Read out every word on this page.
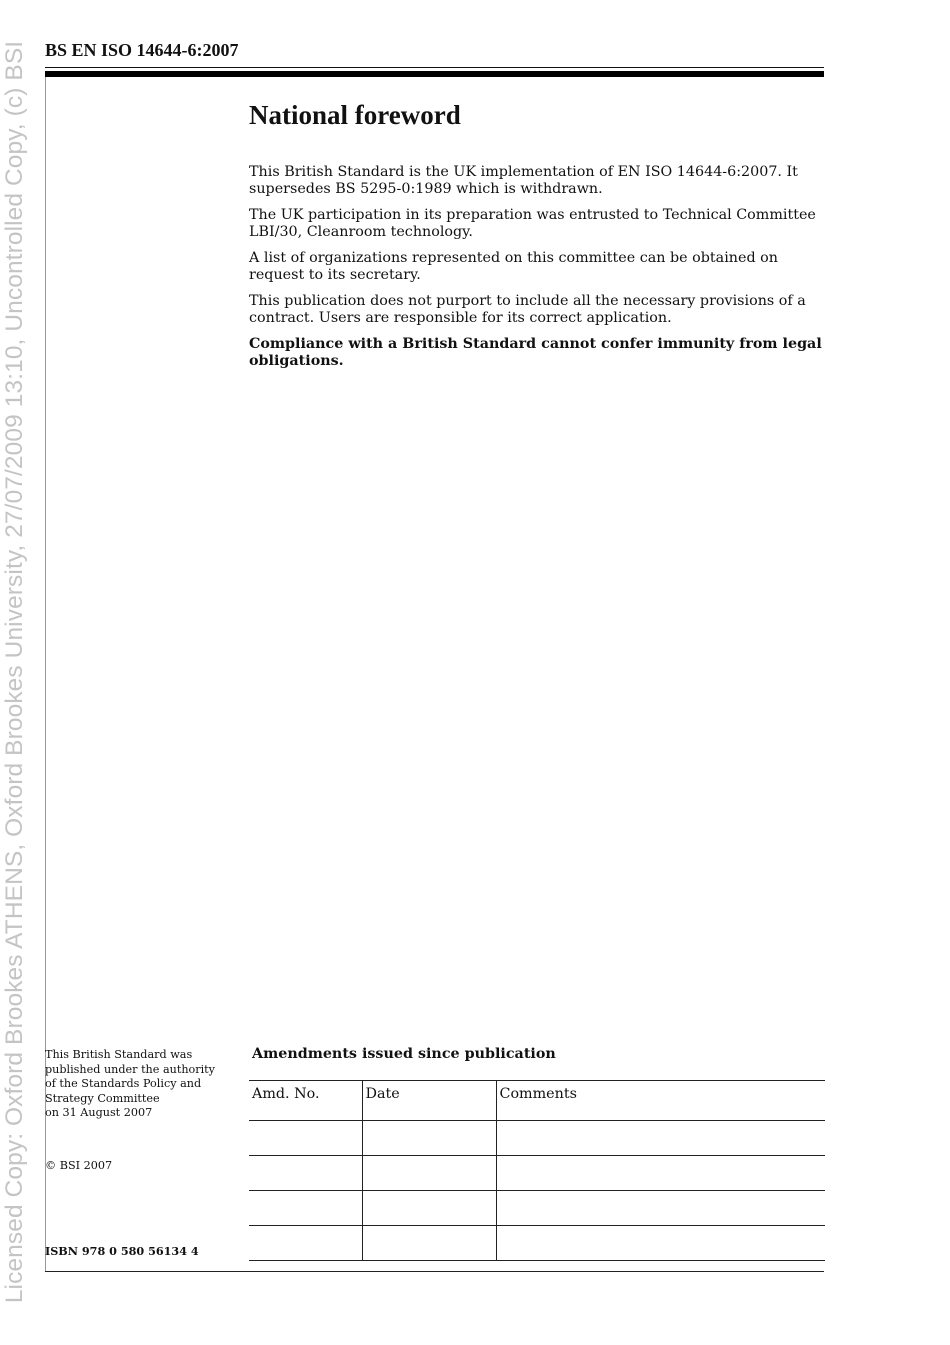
Licensed Copy: Oxford Brookes ATHENS, Oxford Brookes University, 27/07/2009 13:10, Uncontrolled Copy, (c) BSI BS EN ISO 14644-6:2007
National foreword

This British Standard is the UK implementation of EN ISO 14644-6:2007. It supersedes BS 5295-0:1989 which is withdrawn.

The UK participation in its preparation was entrusted to Technical Committee LBI/30, Cleanroom technology.

A list of organizations represented on this committee can be obtained on request to its secretary.

This publication does not purport to include all the necessary provisions of a contract. Users are responsible for its correct application.

Compliance with a British Standard cannot confer immunity from legal obligations.

This British Standard was
published under the authority
of the Standards Policy and
Strategy Committee
on 31 August 2007
© BSI 2007
ISBN 978 0 580 56134 4
Amendments issued since publication
Amd. No.	Date	Comments
